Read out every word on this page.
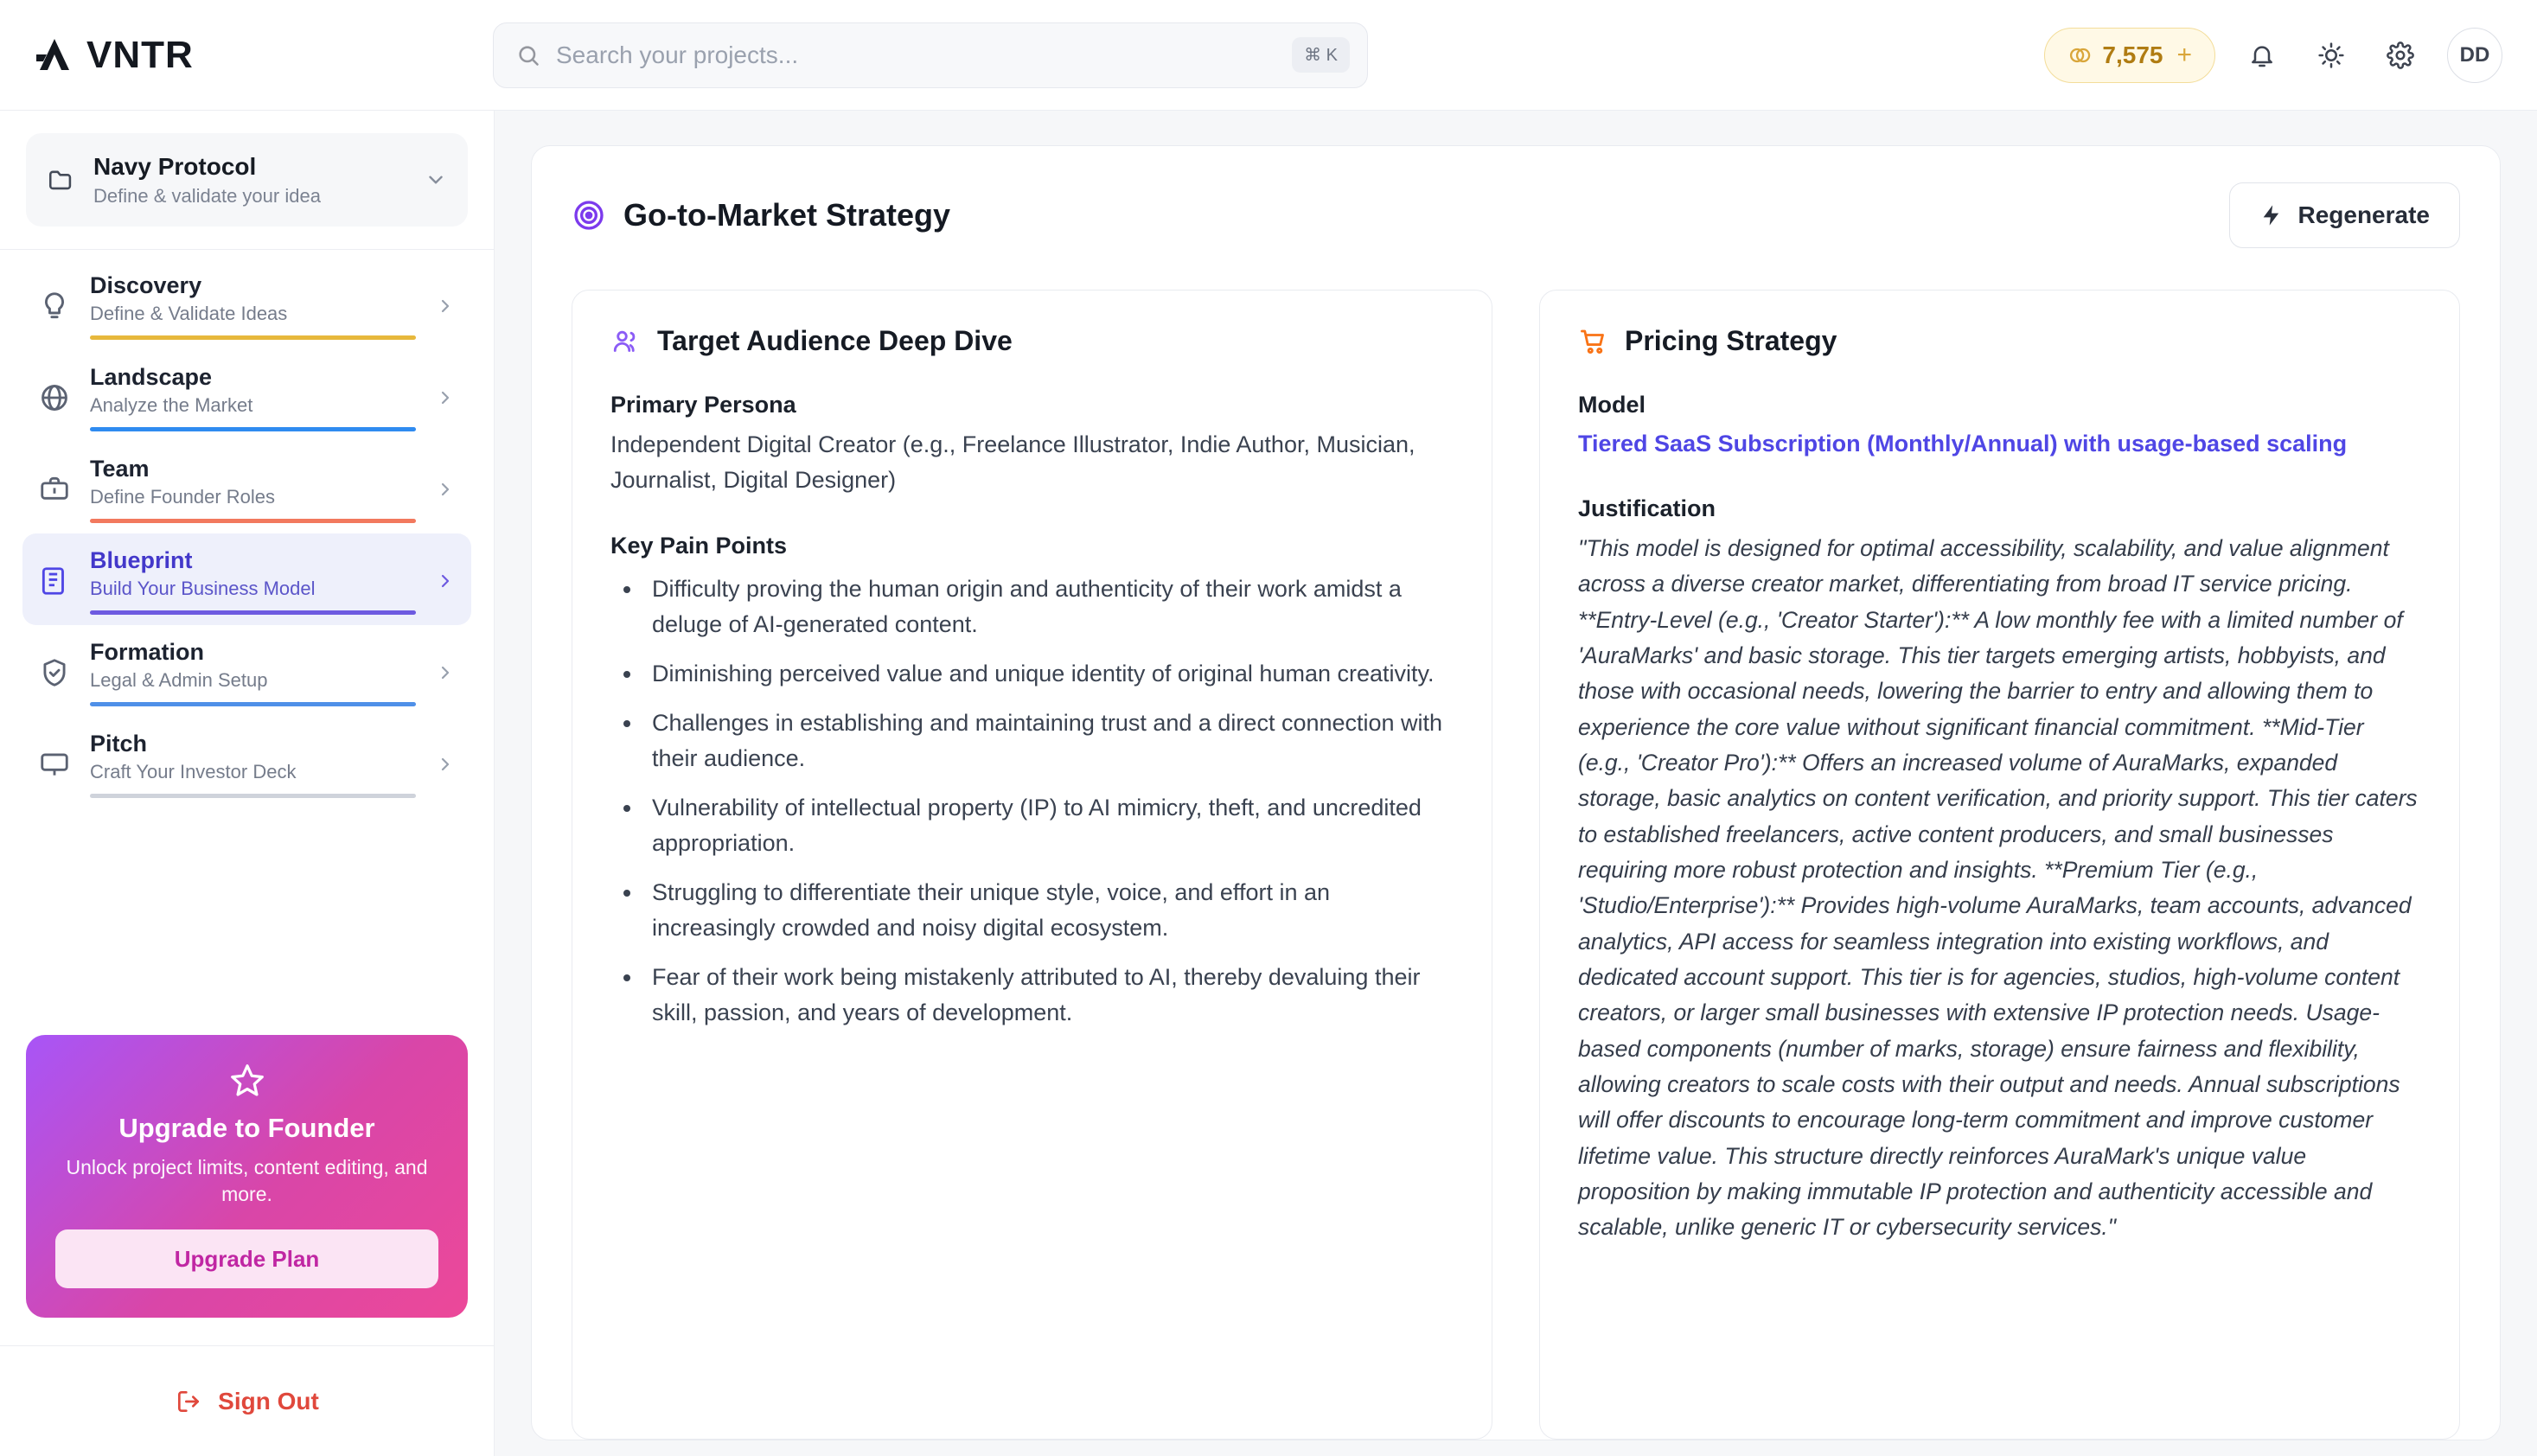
VNTR
Search your projects...	⌘ K	7,575 +	DD
Navy Protocol
Define & validate your idea
Discovery
Define & Validate Ideas
Landscape
Analyze the Market
Team
Define Founder Roles
Blueprint
Build Your Business Model
Formation
Legal & Admin Setup
Pitch
Craft Your Investor Deck
Upgrade to Founder
Unlock project limits, content editing, and more.
Upgrade Plan
Sign Out
Go-to-Market Strategy	Regenerate
Target Audience Deep Dive
Primary Persona
Independent Digital Creator (e.g., Freelance Illustrator, Indie Author, Musician, Journalist, Digital Designer)
Key Pain Points
• Difficulty proving the human origin and authenticity of their work amidst a deluge of AI-generated content.
• Diminishing perceived value and unique identity of original human creativity.
• Challenges in establishing and maintaining trust and a direct connection with their audience.
• Vulnerability of intellectual property (IP) to AI mimicry, theft, and uncredited appropriation.
• Struggling to differentiate their unique style, voice, and effort in an increasingly crowded and noisy digital ecosystem.
• Fear of their work being mistakenly attributed to AI, thereby devaluing their skill, passion, and years of development.
Pricing Strategy
Model
Tiered SaaS Subscription (Monthly/Annual) with usage-based scaling
Justification
"This model is designed for optimal accessibility, scalability, and value alignment across a diverse creator market, differentiating from broad IT service pricing. **Entry-Level (e.g., 'Creator Starter'):** A low monthly fee with a limited number of 'AuraMarks' and basic storage. This tier targets emerging artists, hobbyists, and those with occasional needs, lowering the barrier to entry and allowing them to experience the core value without significant financial commitment. **Mid-Tier (e.g., 'Creator Pro'):** Offers an increased volume of AuraMarks, expanded storage, basic analytics on content verification, and priority support. This tier caters to established freelancers, active content producers, and small businesses requiring more robust protection and insights. **Premium Tier (e.g., 'Studio/Enterprise'):** Provides high-volume AuraMarks, team accounts, advanced analytics, API access for seamless integration into existing workflows, and dedicated account support. This tier is for agencies, studios, high-volume content creators, or larger small businesses with extensive IP protection needs. Usage-based components (number of marks, storage) ensure fairness and flexibility, allowing creators to scale costs with their output and needs. Annual subscriptions will offer discounts to encourage long-term commitment and improve customer lifetime value. This structure directly reinforces AuraMark's unique value proposition by making immutable IP protection and authenticity accessible and scalable, unlike generic IT or cybersecurity services."
